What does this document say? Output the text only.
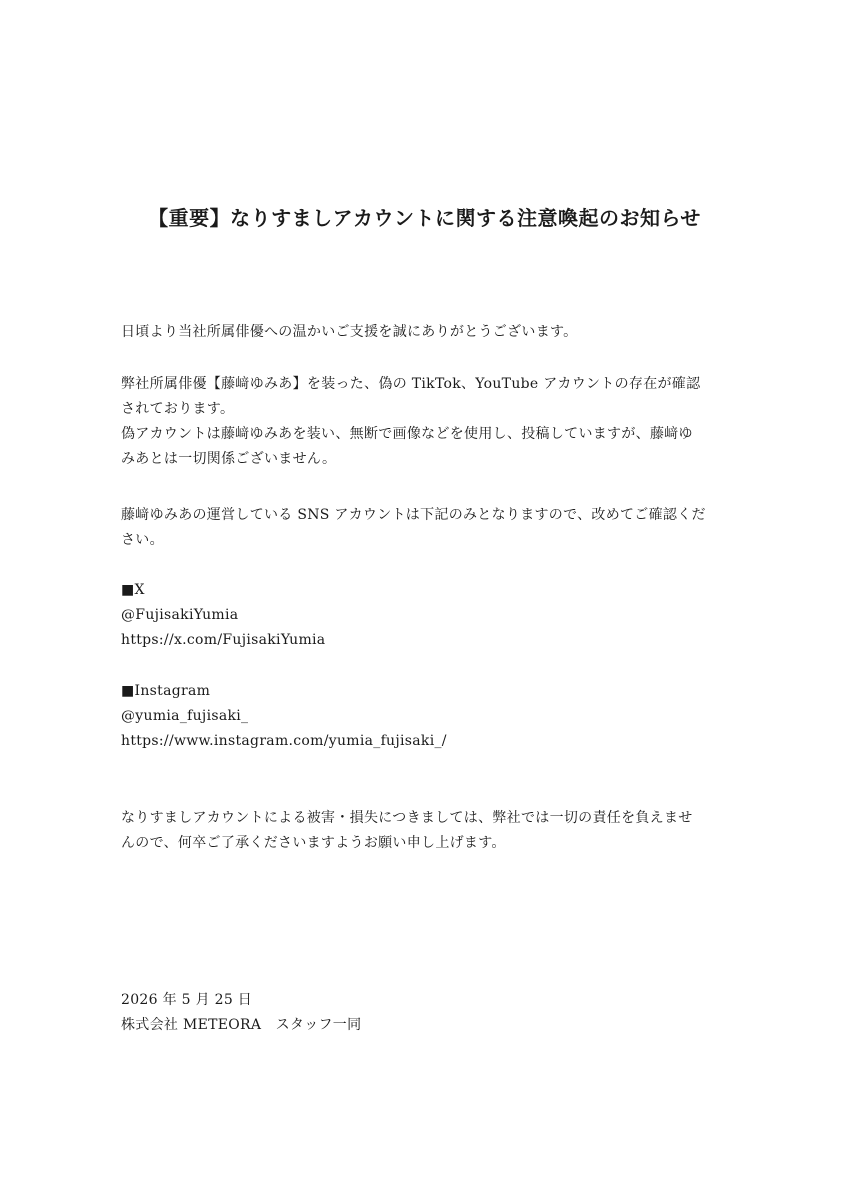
【重要】なりすましアカウントに関する注意喚起のお知らせ
日頃より当社所属俳優への温かいご支援を誠にありがとうございます。
弊社所属俳優【藤﨑ゆみあ】を装った、偽の TikTok、YouTube アカウントの存在が確認
されております。
偽アカウントは藤﨑ゆみあを装い、無断で画像などを使用し、投稿していますが、藤﨑ゆ
みあとは一切関係ございません。
藤﨑ゆみあの運営している SNS アカウントは下記のみとなりますので、改めてご確認くだ
さい。
■X
@FujisakiYumia
https://x.com/FujisakiYumia
■Instagram
@yumia_fujisaki_
https://www.instagram.com/yumia_fujisaki_/
なりすましアカウントによる被害・損失につきましては、弊社では一切の責任を負えませ
んので、何卒ご了承くださいますようお願い申し上げます。
2026 年 5 月 25 日
株式会社 METEORA　スタッフ一同
